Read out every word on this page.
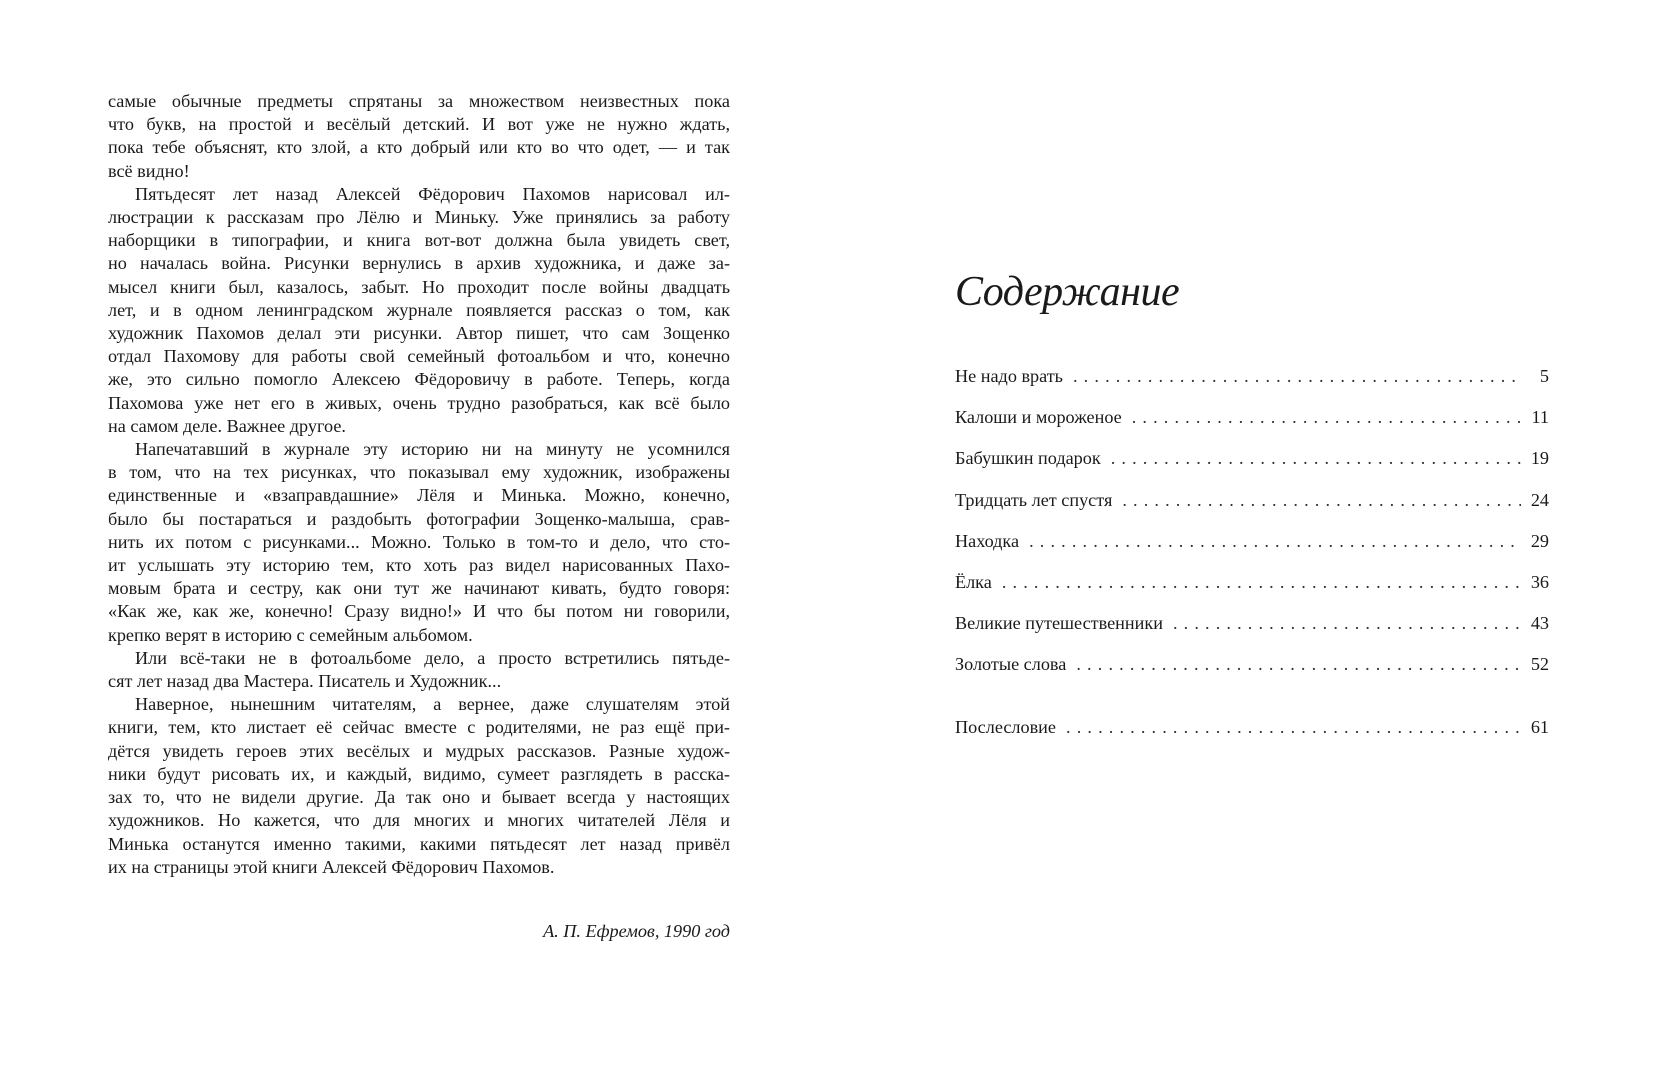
самые обычные предметы спрятаны за множеством неизвестных пока
что букв, на простой и весёлый детский. И вот уже не нужно ждать,
пока тебе объяснят, кто злой, а кто добрый или кто во что одет, — и так
всё видно!

Пятьдесят лет назад Алексей Фёдорович Пахомов нарисовал ил-
люстрации к рассказам про Лёлю и Миньку. Уже принялись за работу
наборщики в типографии, и книга вот-вот должна была увидеть свет,
но началась война. Рисунки вернулись в архив художника, и даже за-
мысел книги был, казалось, забыт. Но проходит после войны двадцать
лет, и в одном ленинградском журнале появляется рассказ о том, как
художник Пахомов делал эти рисунки. Автор пишет, что сам Зощенко
отдал Пахомову для работы свой семейный фотоальбом и что, конечно
же, это сильно помогло Алексею Фёдоровичу в работе. Теперь, когда
Пахомова уже нет его в живых, очень трудно разобраться, как всё было
на самом деле. Важнее другое.

Напечатавший в журнале эту историю ни на минуту не усомнился
в том, что на тех рисунках, что показывал ему художник, изображены
единственные и «взаправдашние» Лёля и Минька. Можно, конечно,
было бы постараться и раздобыть фотографии Зощенко-малыша, срав-
нить их потом с рисунками... Можно. Только в том-то и дело, что сто-
ит услышать эту историю тем, кто хоть раз видел нарисованных Пахо-
мовым брата и сестру, как они тут же начинают кивать, будто говоря:
«Как же, как же, конечно! Сразу видно!» И что бы потом ни говорили,
крепко верят в историю с семейным альбомом.

Или всё-таки не в фотоальбоме дело, а просто встретились пятьде-
сят лет назад два Мастера. Писатель и Художник...

Наверное, нынешним читателям, а вернее, даже слушателям этой
книги, тем, кто листает её сейчас вместе с родителями, не раз ещё при-
дётся увидеть героев этих весёлых и мудрых рассказов. Разные худож-
ники будут рисовать их, и каждый, видимо, сумеет разглядеть в расска-
зах то, что не видели другие. Да так оно и бывает всегда у настоящих
художников. Но кажется, что для многих и многих читателей Лёля и
Минька останутся именно такими, какими пятьдесят лет назад привёл
их на страницы этой книги Алексей Фёдорович Пахомов.

А. П. Ефремов, 1990 год
Содержание
Не надо врать . . .	5
Калоши и мороженое . . .	11
Бабушкин подарок . . .	19
Тридцать лет спустя . . .	24
Находка . . .	29
Ёлка . . .	36
Великие путешественники . . .	43
Золотые слова . . .	52
Послесловие . . .	61
